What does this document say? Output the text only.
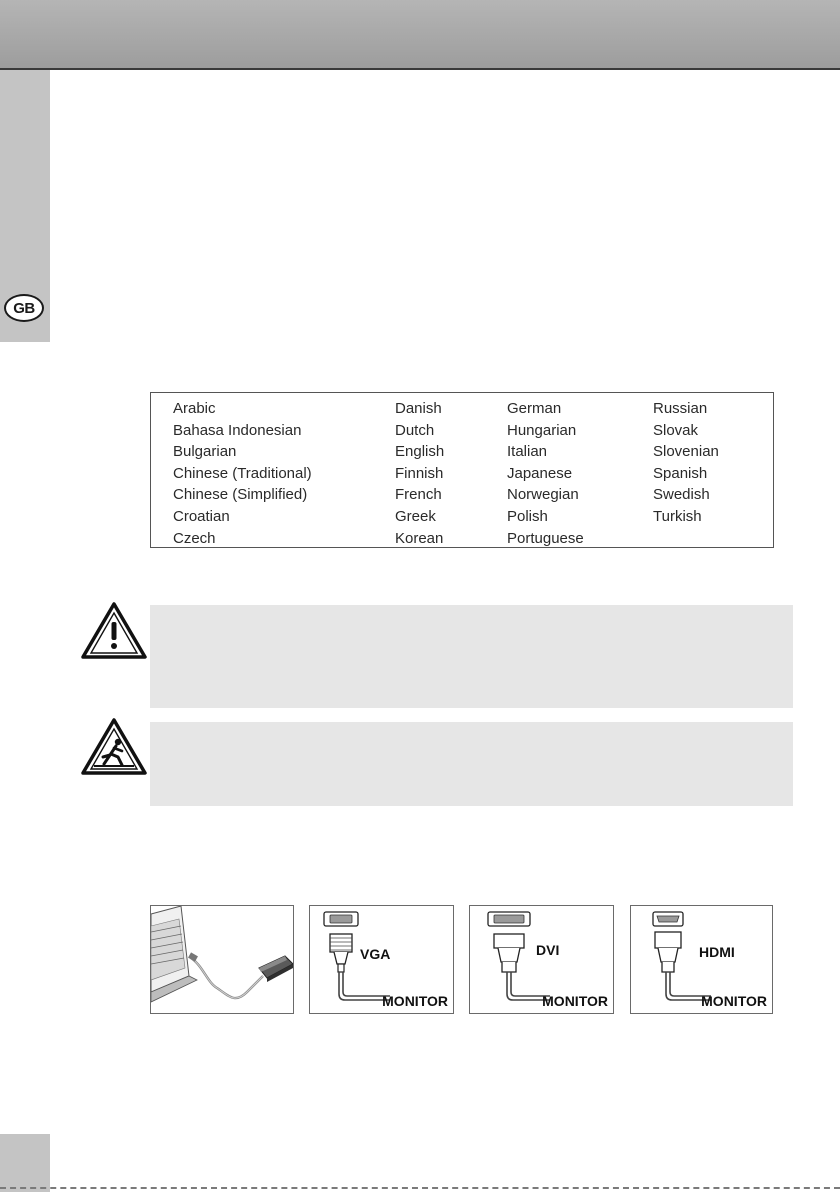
GB
Arabic
Bahasa Indonesian
Bulgarian
Chinese (Traditional)
Chinese (Simplified)
Croatian
Czech
Danish
Dutch
English
Finnish
French
Greek
Korean
German
Hungarian
Italian
Japanese
Norwegian
Polish
Portuguese
Russian
Slovak
Slovenian
Spanish
Swedish
Turkish
VGA
MONITOR
DVI
MONITOR
HDMI
MONITOR
